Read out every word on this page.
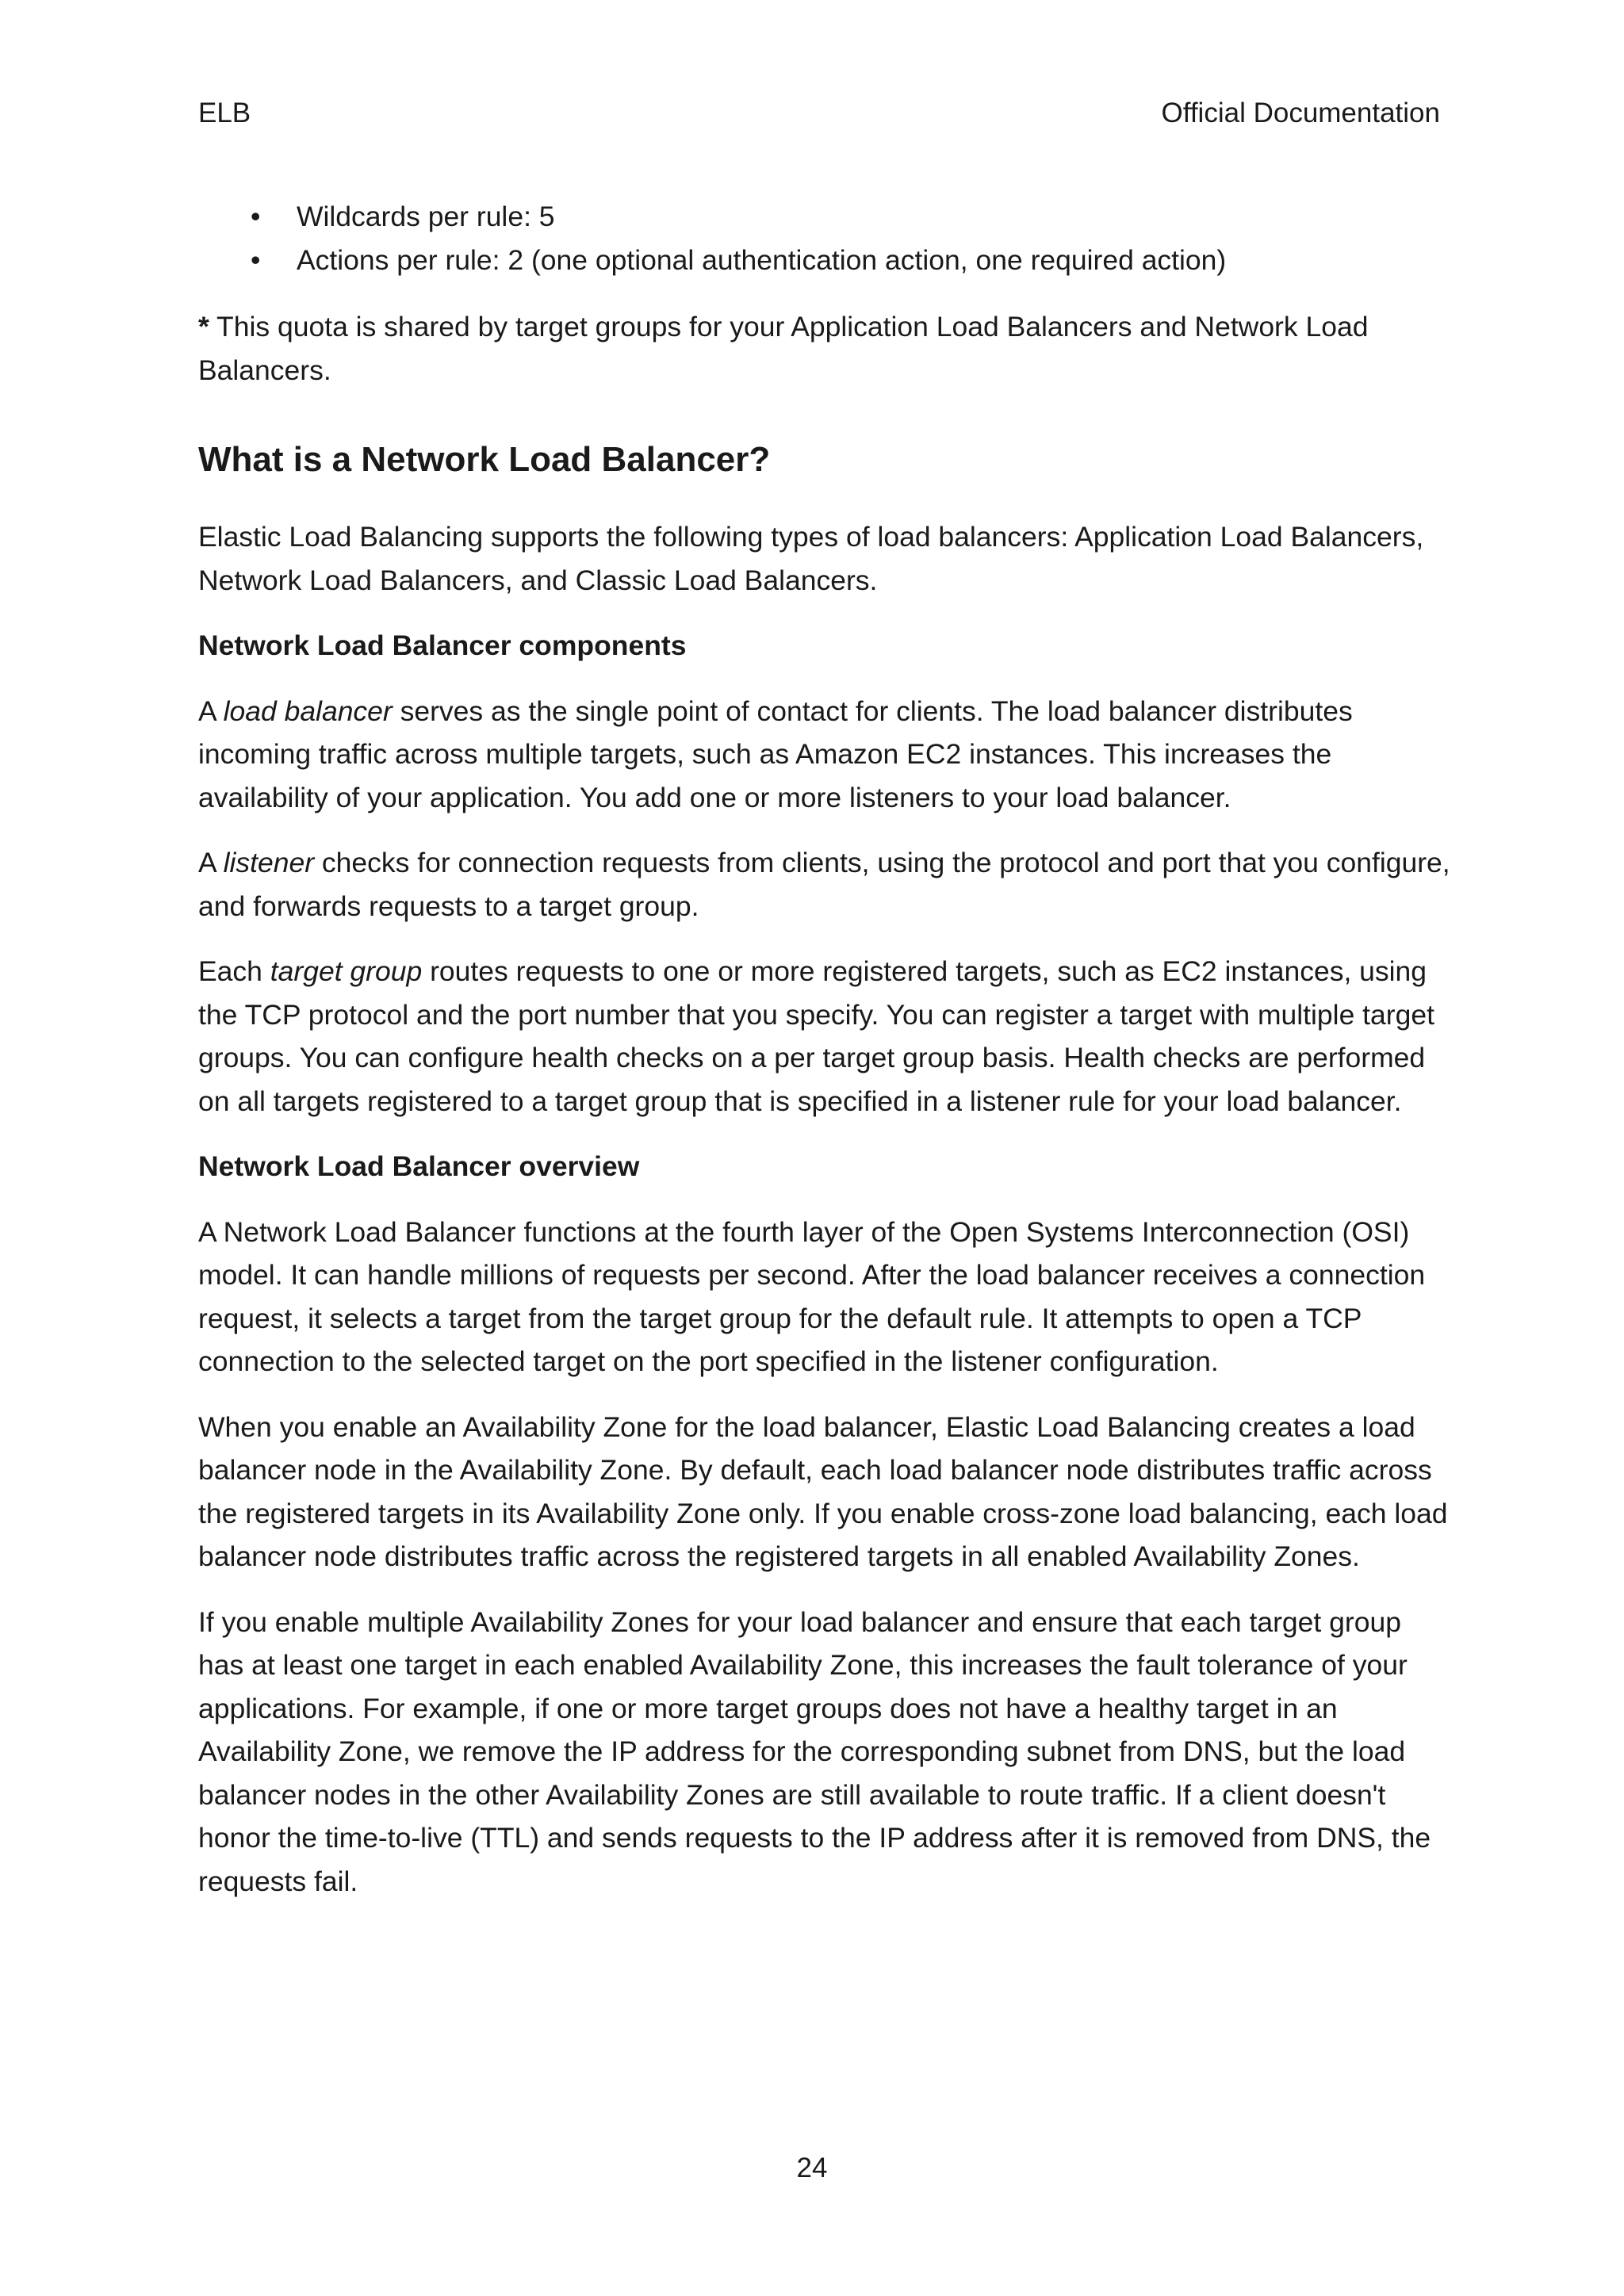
ELB	Official Documentation
• Wildcards per rule: 5
• Actions per rule: 2 (one optional authentication action, one required action)

* This quota is shared by target groups for your Application Load Balancers and Network Load Balancers.

What is a Network Load Balancer?

Elastic Load Balancing supports the following types of load balancers: Application Load Balancers, Network Load Balancers, and Classic Load Balancers.

Network Load Balancer components

A load balancer serves as the single point of contact for clients. The load balancer distributes incoming traffic across multiple targets, such as Amazon EC2 instances. This increases the availability of your application. You add one or more listeners to your load balancer.

A listener checks for connection requests from clients, using the protocol and port that you configure, and forwards requests to a target group.

Each target group routes requests to one or more registered targets, such as EC2 instances, using the TCP protocol and the port number that you specify. You can register a target with multiple target groups. You can configure health checks on a per target group basis. Health checks are performed on all targets registered to a target group that is specified in a listener rule for your load balancer.

Network Load Balancer overview

A Network Load Balancer functions at the fourth layer of the Open Systems Interconnection (OSI) model. It can handle millions of requests per second. After the load balancer receives a connection request, it selects a target from the target group for the default rule. It attempts to open a TCP connection to the selected target on the port specified in the listener configuration.

When you enable an Availability Zone for the load balancer, Elastic Load Balancing creates a load balancer node in the Availability Zone. By default, each load balancer node distributes traffic across the registered targets in its Availability Zone only. If you enable cross-zone load balancing, each load balancer node distributes traffic across the registered targets in all enabled Availability Zones.

If you enable multiple Availability Zones for your load balancer and ensure that each target group has at least one target in each enabled Availability Zone, this increases the fault tolerance of your applications. For example, if one or more target groups does not have a healthy target in an Availability Zone, we remove the IP address for the corresponding subnet from DNS, but the load balancer nodes in the other Availability Zones are still available to route traffic. If a client doesn't honor the time-to-live (TTL) and sends requests to the IP address after it is removed from DNS, the requests fail.

24
